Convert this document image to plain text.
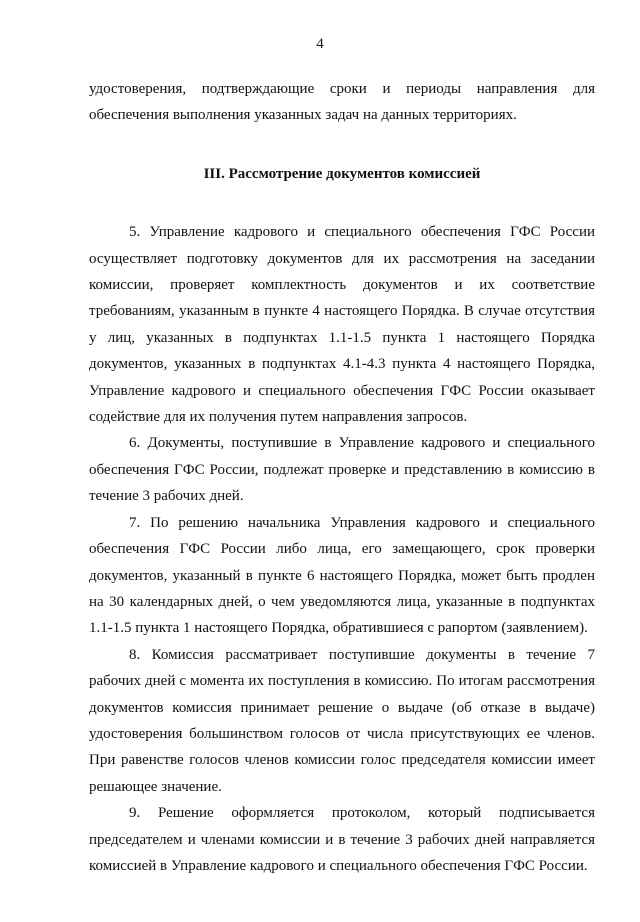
4

удостоверения, подтверждающие сроки и периоды направления для обеспечения выполнения указанных задач на данных территориях.

III. Рассмотрение документов комиссией

5. Управление кадрового и специального обеспечения ГФС России осуществляет подготовку документов для их рассмотрения на заседании комиссии, проверяет комплектность документов и их соответствие требованиям, указанным в пункте 4 настоящего Порядка. В случае отсутствия у лиц, указанных в подпунктах 1.1-1.5 пункта 1 настоящего Порядка документов, указанных в подпунктах 4.1-4.3 пункта 4 настоящего Порядка, Управление кадрового и специального обеспечения ГФС России оказывает содействие для их получения путем направления запросов.

6. Документы, поступившие в Управление кадрового и специального обеспечения ГФС России, подлежат проверке и представлению в комиссию в течение 3 рабочих дней.

7. По решению начальника Управления кадрового и специального обеспечения ГФС России либо лица, его замещающего, срок проверки документов, указанный в пункте 6 настоящего Порядка, может быть продлен на 30 календарных дней, о чем уведомляются лица, указанные в подпунктах 1.1-1.5 пункта 1 настоящего Порядка, обратившиеся с рапортом (заявлением).

8. Комиссия рассматривает поступившие документы в течение 7 рабочих дней с момента их поступления в комиссию. По итогам рассмотрения документов комиссия принимает решение о выдаче (об отказе в выдаче) удостоверения большинством голосов от числа присутствующих ее членов. При равенстве голосов членов комиссии голос председателя комиссии имеет решающее значение.

9. Решение оформляется протоколом, который подписывается председателем и членами комиссии и в течение 3 рабочих дней направляется комиссией в Управление кадрового и специального обеспечения ГФС России.
